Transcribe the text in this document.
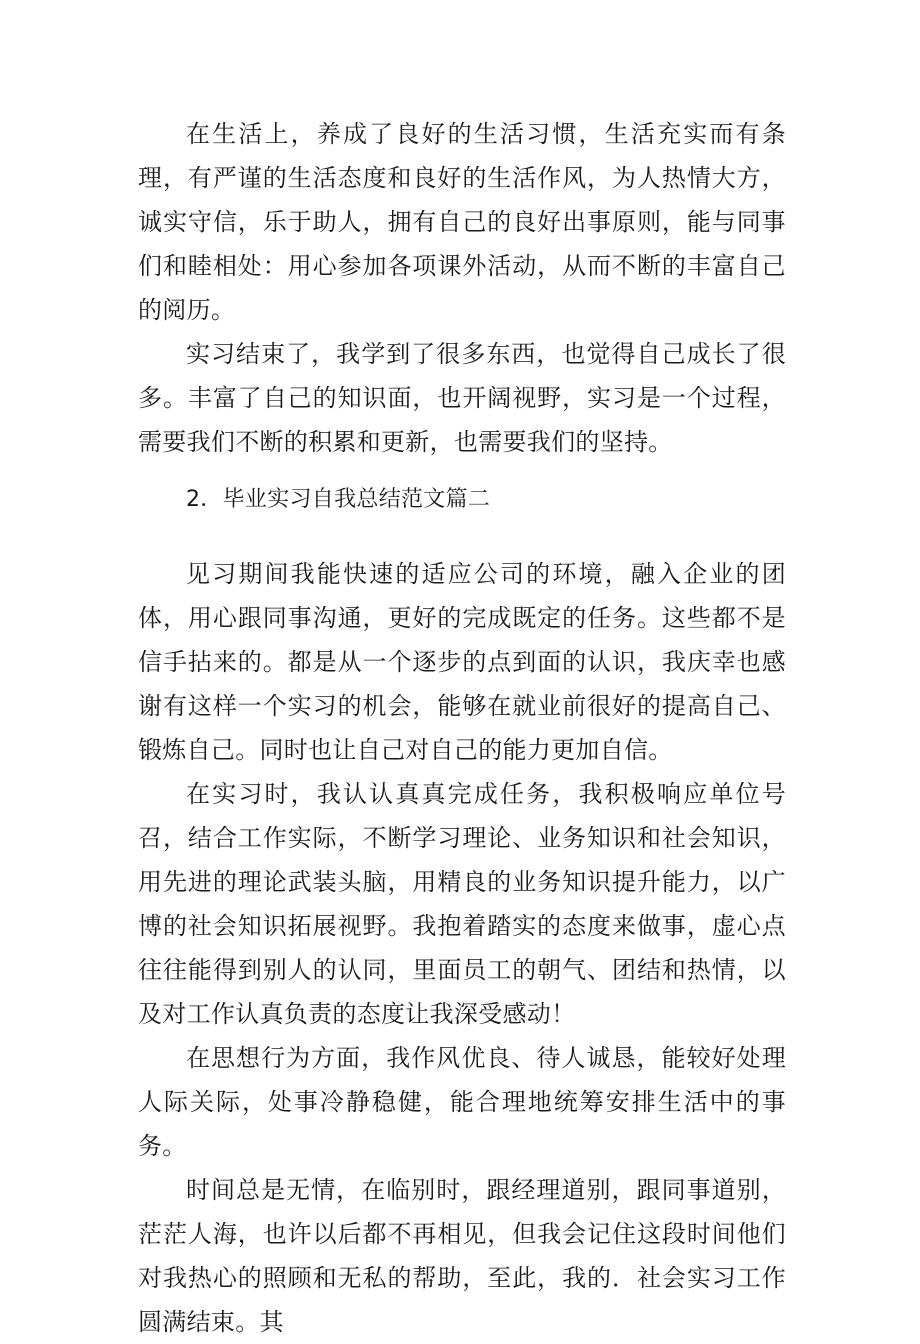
在生活上，养成了良好的生活习惯，生活充实而有条理，有严谨的生活态度和良好的生活作风，为人热情大方，诚实守信，乐于助人，拥有自己的良好出事原则，能与同事们和睦相处：用心参加各项课外活动，从而不断的丰富自己的阅历。

实习结束了，我学到了很多东西，也觉得自己成长了很多。丰富了自己的知识面，也开阔视野，实习是一个过程，需要我们不断的积累和更新，也需要我们的坚持。

2．毕业实习自我总结范文篇二

见习期间我能快速的适应公司的环境，融入企业的团体，用心跟同事沟通，更好的完成既定的任务。这些都不是信手拈来的。都是从一个逐步的点到面的认识，我庆幸也感谢有这样一个实习的机会，能够在就业前很好的提高自己、锻炼自己。同时也让自己对自己的能力更加自信。

在实习时，我认认真真完成任务，我积极响应单位号召，结合工作实际，不断学习理论、业务知识和社会知识，用先进的理论武装头脑，用精良的业务知识提升能力，以广博的社会知识拓展视野。我抱着踏实的态度来做事，虚心点往往能得到别人的认同，里面员工的朝气、团结和热情，以及对工作认真负责的态度让我深受感动！

在思想行为方面，我作风优良、待人诚恳，能较好处理人际关际，处事冷静稳健，能合理地统筹安排生活中的事务。

时间总是无情，在临别时，跟经理道别，跟同事道别，茫茫人海，也许以后都不再相见，但我会记住这段时间他们对我热心的照顾和无私的帮助，至此，我的．社会实习工作圆满结束。其
